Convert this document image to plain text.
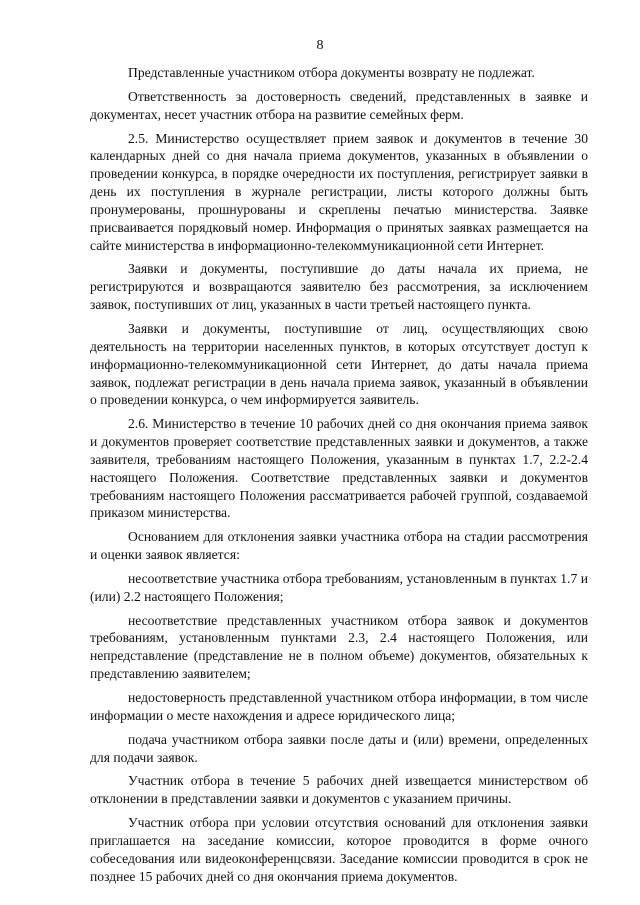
8

Представленные участником отбора документы возврату не подлежат.

Ответственность за достоверность сведений, представленных в заявке и документах, несет участник отбора на развитие семейных ферм.

2.5. Министерство осуществляет прием заявок и документов в течение 30 календарных дней со дня начала приема документов, указанных в объявлении о проведении конкурса, в порядке очередности их поступления, регистрирует заявки в день их поступления в журнале регистрации, листы которого должны быть пронумерованы, прошнурованы и скреплены печатью министерства. Заявке присваивается порядковый номер. Информация о принятых заявках размещается на сайте министерства в информационно-телекоммуникационной сети Интернет.

Заявки и документы, поступившие до даты начала их приема, не регистрируются и возвращаются заявителю без рассмотрения, за исключением заявок, поступивших от лиц, указанных в части третьей настоящего пункта.

Заявки и документы, поступившие от лиц, осуществляющих свою деятельность на территории населенных пунктов, в которых отсутствует доступ к информационно-телекоммуникационной сети Интернет, до даты начала приема заявок, подлежат регистрации в день начала приема заявок, указанный в объявлении о проведении конкурса, о чем информируется заявитель.

2.6. Министерство в течение 10 рабочих дней со дня окончания приема заявок и документов проверяет соответствие представленных заявки и документов, а также заявителя, требованиям настоящего Положения, указанным в пунктах 1.7, 2.2-2.4 настоящего Положения. Соответствие представленных заявки и документов требованиям настоящего Положения рассматривается рабочей группой, создаваемой приказом министерства.

Основанием для отклонения заявки участника отбора на стадии рассмотрения и оценки заявок является:

несоответствие участника отбора требованиям, установленным в пунктах 1.7 и (или) 2.2 настоящего Положения;

несоответствие представленных участником отбора заявок и документов требованиям, установленным пунктами 2.3, 2.4 настоящего Положения, или непредставление (представление не в полном объеме) документов, обязательных к представлению заявителем;

недостоверность представленной участником отбора информации, в том числе информации о месте нахождения и адресе юридического лица;

подача участником отбора заявки после даты и (или) времени, определенных для подачи заявок.

Участник отбора в течение 5 рабочих дней извещается министерством об отклонении в представлении заявки и документов с указанием причины.

Участник отбора при условии отсутствия оснований для отклонения заявки приглашается на заседание комиссии, которое проводится в форме очного собеседования или видеоконференцсвязи. Заседание комиссии проводится в срок не позднее 15 рабочих дней со дня окончания приема документов.
